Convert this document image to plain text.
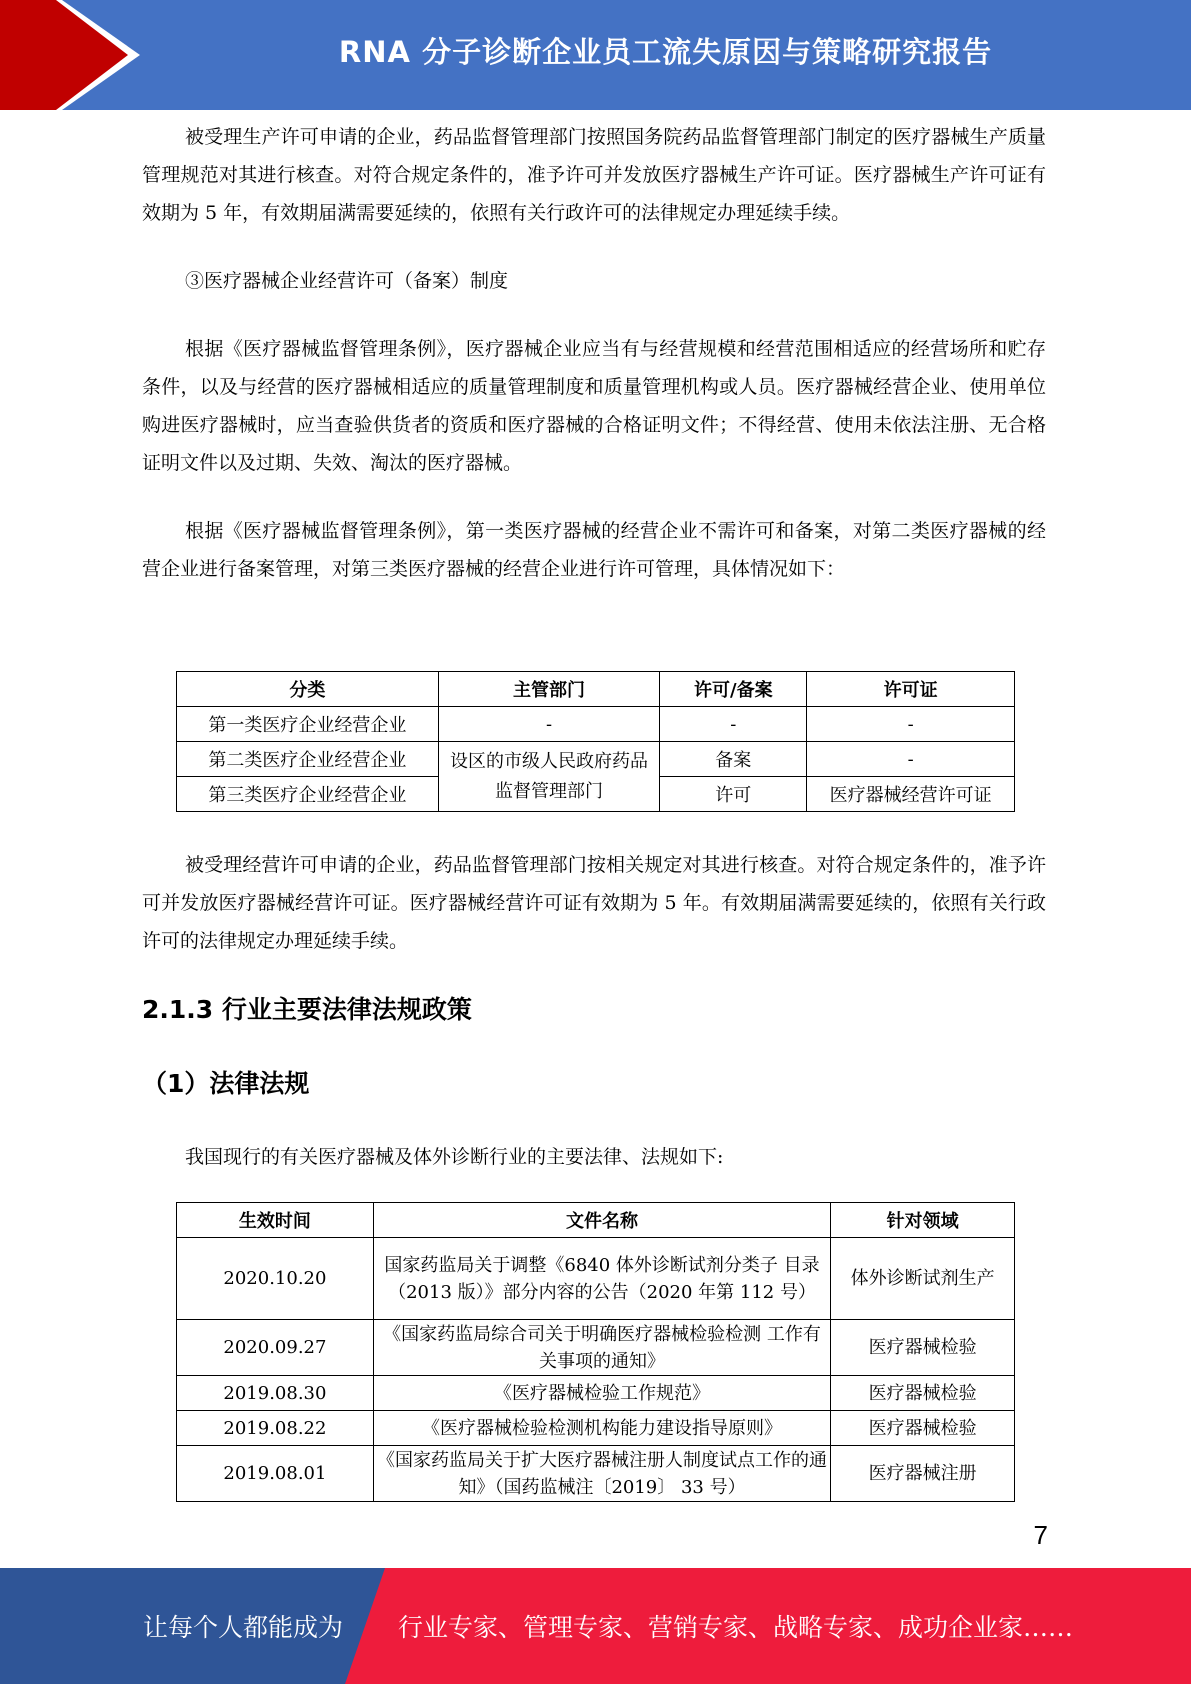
RNA 分子诊断企业员工流失原因与策略研究报告

被受理生产许可申请的企业，药品监督管理部门按照国务院药品监督管理部门制定的医疗器械生产质量管理规范对其进行核查。对符合规定条件的，准予许可并发放医疗器械生产许可证。医疗器械生产许可证有效期为 5 年，有效期届满需要延续的，依照有关行政许可的法律规定办理延续手续。

③医疗器械企业经营许可（备案）制度

根据《医疗器械监督管理条例》，医疗器械企业应当有与经营规模和经营范围相适应的经营场所和贮存条件，以及与经营的医疗器械相适应的质量管理制度和质量管理机构或人员。医疗器械经营企业、使用单位购进医疗器械时，应当查验供货者的资质和医疗器械的合格证明文件；不得经营、使用未依法注册、无合格证明文件以及过期、失效、淘汰的医疗器械。

根据《医疗器械监督管理条例》，第一类医疗器械的经营企业不需许可和备案，对第二类医疗器械的经营企业进行备案管理，对第三类医疗器械的经营企业进行许可管理，具体情况如下：

分类	主管部门	许可/备案	许可证
第一类医疗企业经营企业	-	-	-
第二类医疗企业经营企业	设区的市级人民政府药品监督管理部门	备案	-
第三类医疗企业经营企业		许可	医疗器械经营许可证

被受理经营许可申请的企业，药品监督管理部门按相关规定对其进行核查。对符合规定条件的，准予许可并发放医疗器械经营许可证。医疗器械经营许可证有效期为 5 年。有效期届满需要延续的，依照有关行政许可的法律规定办理延续手续。

2.1.3 行业主要法律法规政策
（1）法律法规

我国现行的有关医疗器械及体外诊断行业的主要法律、法规如下:

生效时间	文件名称	针对领域
2020.10.20	国家药监局关于调整《6840 体外诊断试剂分类子 目录（2013 版）》部分内容的公告（2020 年第 112 号）	体外诊断试剂生产
2020.09.27	《国家药监局综合司关于明确医疗器械检验检测 工作有关事项的通知》	医疗器械检验
2019.08.30	《医疗器械检验工作规范》	医疗器械检验
2019.08.22	《医疗器械检验检测机构能力建设指导原则》	医疗器械检验
2019.08.01	《国家药监局关于扩大医疗器械注册人制度试点工作的通知》（国药监械注〔2019〕 33 号）	医疗器械注册
7
让每个人都能成为 行业专家、管理专家、营销专家、战略专家、成功企业家……
